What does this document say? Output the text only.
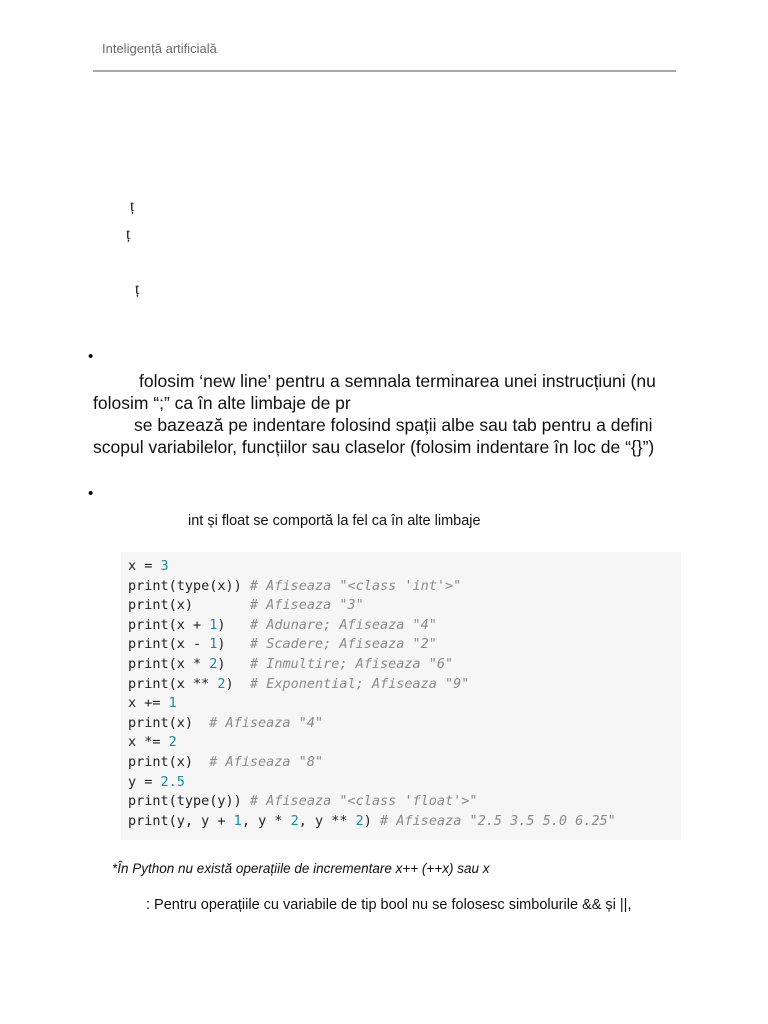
Inteligență artificială
ț
ț
ț
•
folosim ‘new line’ pentru a semnala terminarea unei instrucțiuni (nu
folosim “;” ca în alte limbaje de pr
se bazează pe indentare folosind spații albe sau tab pentru a defini
scopul variabilelor, funcțiilor sau claselor (folosim indentare în loc de “{}”)
•
int și float se comportă la fel ca în alte limbaje
x = 3
print(type(x)) # Afiseaza "<class 'int'>"
print(x)       # Afiseaza "3"
print(x + 1)   # Adunare; Afiseaza "4"
print(x - 1)   # Scadere; Afiseaza "2"
print(x * 2)   # Inmultire; Afiseaza "6"
print(x ** 2)  # Exponential; Afiseaza "9"
x += 1
print(x)  # Afiseaza "4"
x *= 2
print(x)  # Afiseaza "8"
y = 2.5
print(type(y)) # Afiseaza "<class 'float'>"
print(y, y + 1, y * 2, y ** 2) # Afiseaza "2.5 3.5 5.0 6.25"
*În Python nu există operațiile de incrementare x++ (++x) sau x
: Pentru operațiile cu variabile de tip bool nu se folosesc simbolurile && și ||,
